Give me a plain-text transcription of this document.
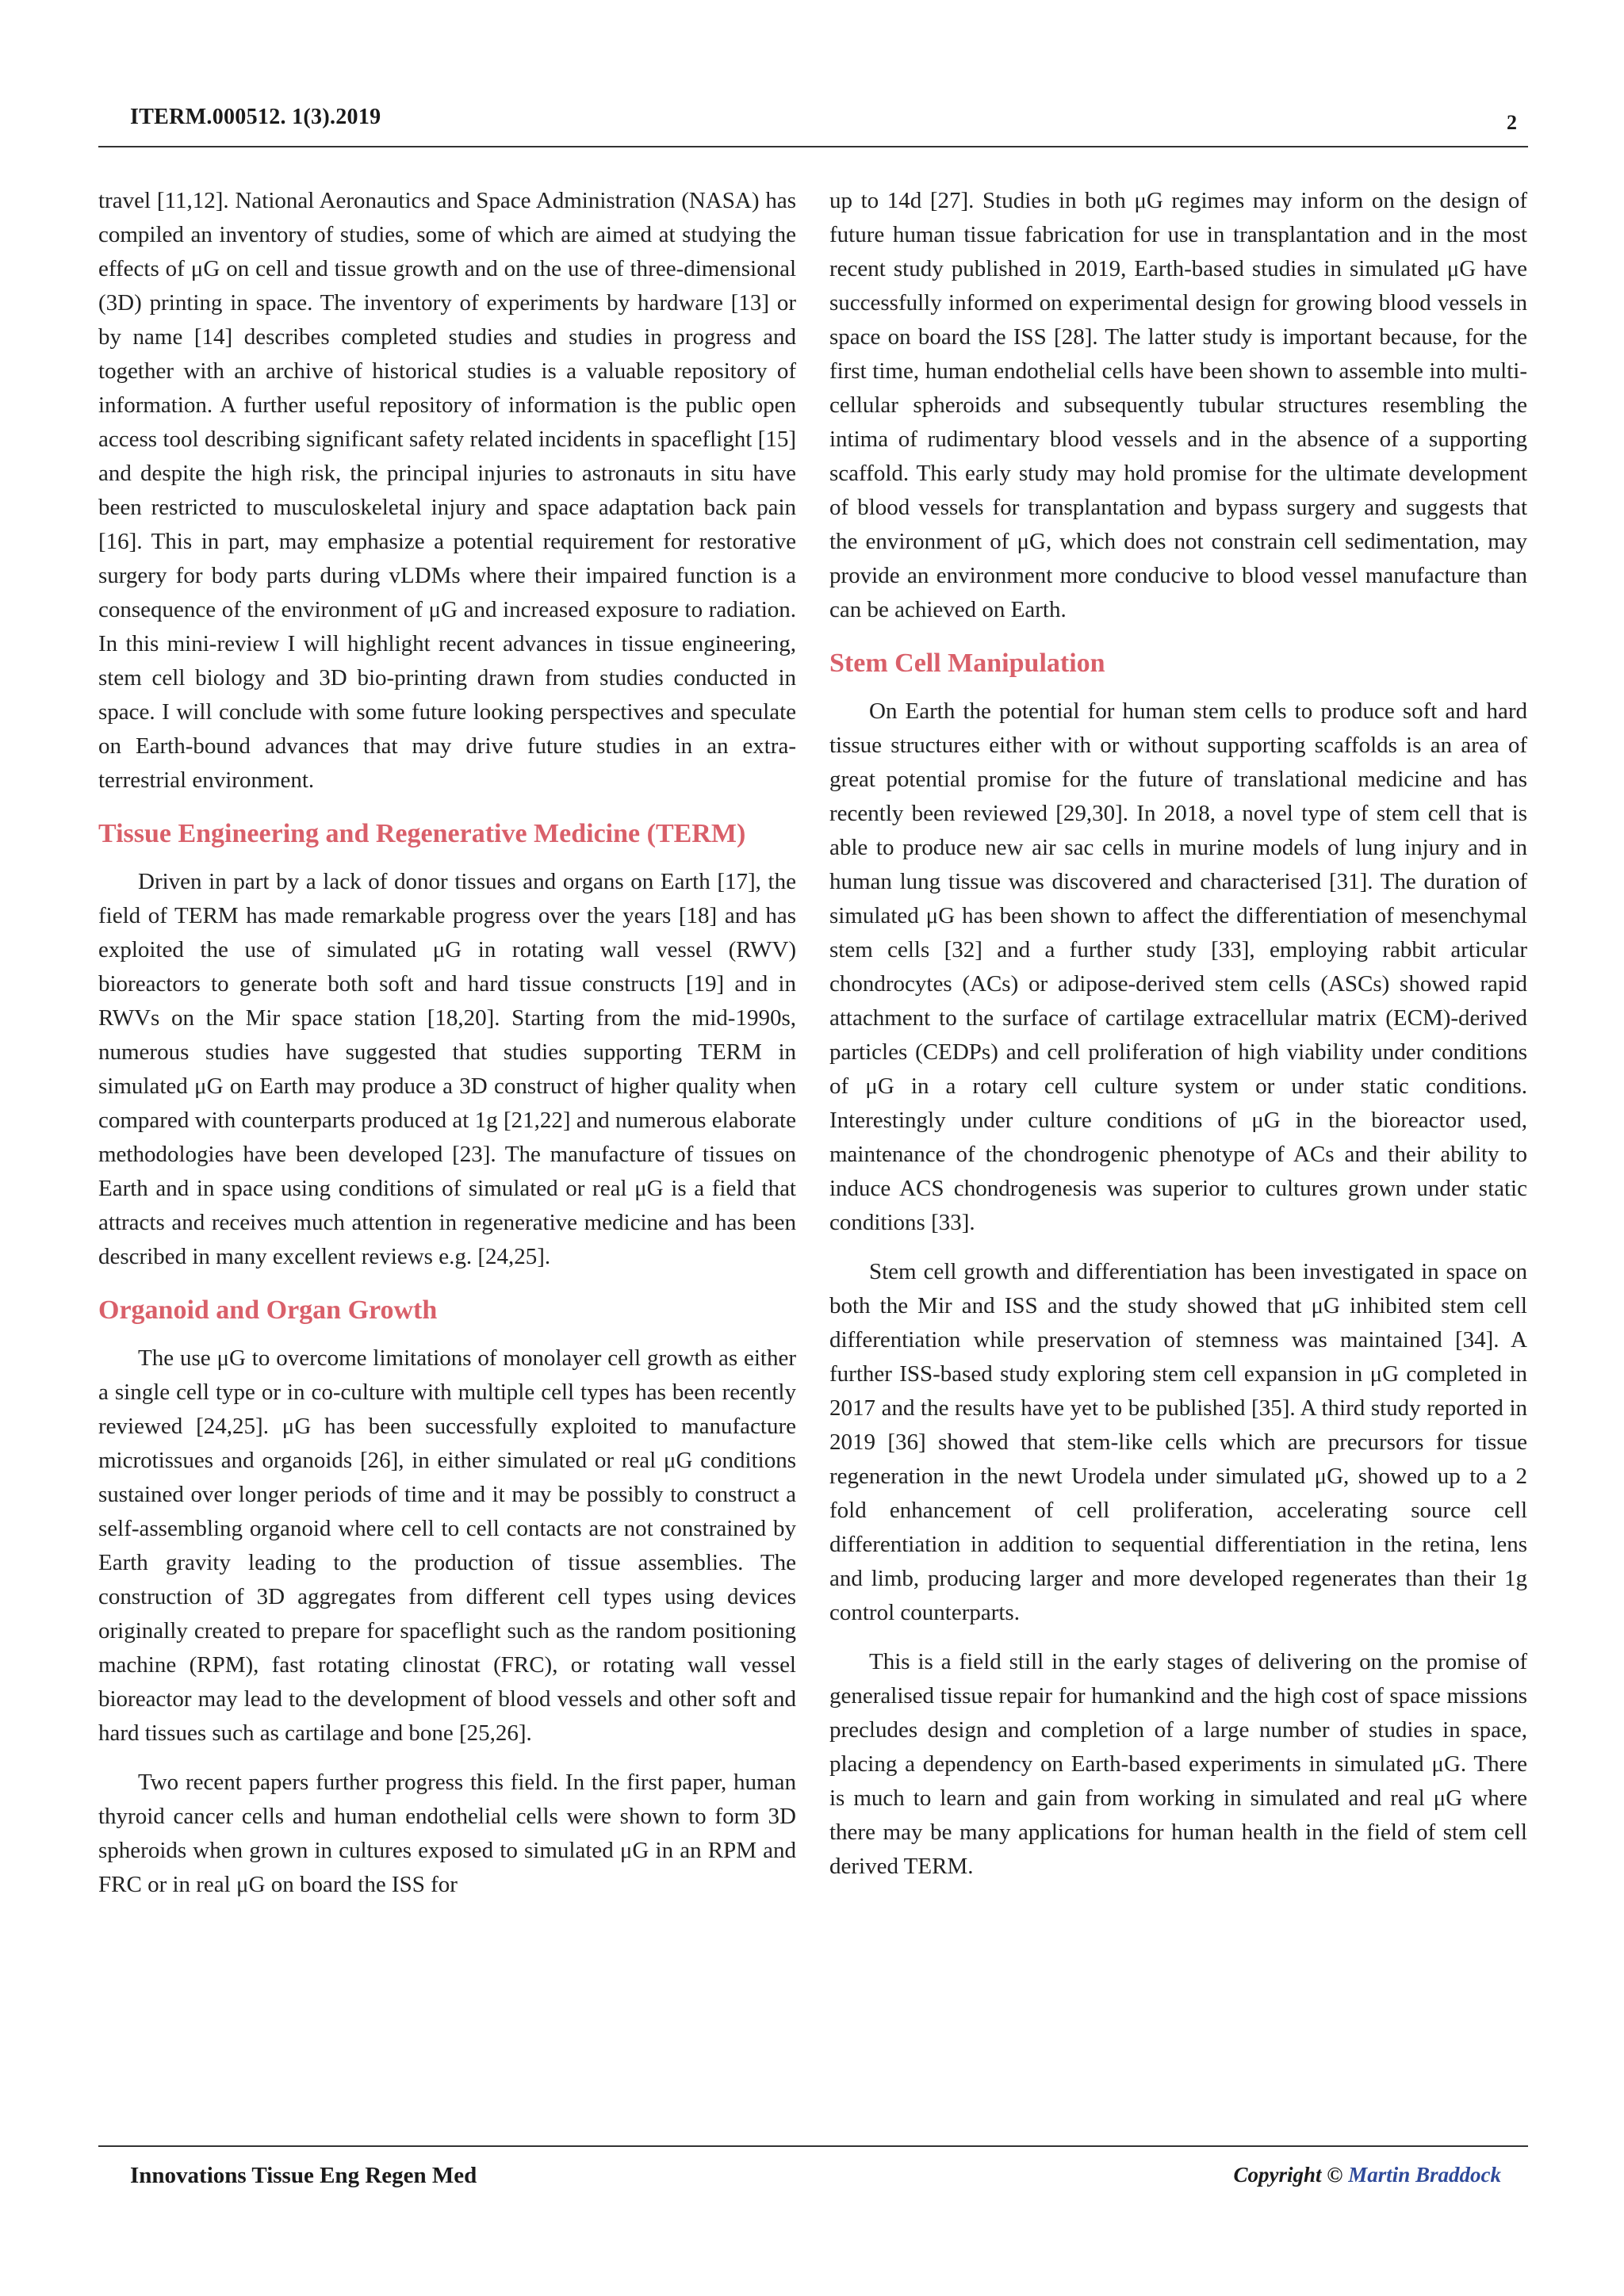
ITERM.000512. 1(3).2019	2

travel [11,12]. National Aeronautics and Space Administration (NASA) has compiled an inventory of studies, some of which are aimed at studying the effects of μG on cell and tissue growth and on the use of three-dimensional (3D) printing in space. The inventory of experiments by hardware [13] or by name [14] describes completed studies and studies in progress and together with an archive of historical studies is a valuable repository of information. A further useful repository of information is the public open access tool describing significant safety related incidents in spaceflight [15] and despite the high risk, the principal injuries to astronauts in situ have been restricted to musculoskeletal injury and space adaptation back pain [16]. This in part, may emphasize a potential requirement for restorative surgery for body parts during vLDMs where their impaired function is a consequence of the environment of μG and increased exposure to radiation. In this mini-review I will highlight recent advances in tissue engineering, stem cell biology and 3D bio-printing drawn from studies conducted in space. I will conclude with some future looking perspectives and speculate on Earth-bound advances that may drive future studies in an extra-terrestrial environment.

Tissue Engineering and Regenerative Medicine (TERM)

Driven in part by a lack of donor tissues and organs on Earth [17], the field of TERM has made remarkable progress over the years [18] and has exploited the use of simulated μG in rotating wall vessel (RWV) bioreactors to generate both soft and hard tissue constructs [19] and in RWVs on the Mir space station [18,20]. Starting from the mid-1990s, numerous studies have suggested that studies supporting TERM in simulated μG on Earth may produce a 3D construct of higher quality when compared with counterparts produced at 1g [21,22] and numerous elaborate methodologies have been developed [23]. The manufacture of tissues on Earth and in space using conditions of simulated or real μG is a field that attracts and receives much attention in regenerative medicine and has been described in many excellent reviews e.g. [24,25].

Organoid and Organ Growth

The use μG to overcome limitations of monolayer cell growth as either a single cell type or in co-culture with multiple cell types has been recently reviewed [24,25]. μG has been successfully exploited to manufacture microtissues and organoids [26], in either simulated or real μG conditions sustained over longer periods of time and it may be possibly to construct a self-assembling organoid where cell to cell contacts are not constrained by Earth gravity leading to the production of tissue assemblies. The construction of 3D aggregates from different cell types using devices originally created to prepare for spaceflight such as the random positioning machine (RPM), fast rotating clinostat (FRC), or rotating wall vessel bioreactor may lead to the development of blood vessels and other soft and hard tissues such as cartilage and bone [25,26].

Two recent papers further progress this field. In the first paper, human thyroid cancer cells and human endothelial cells were shown to form 3D spheroids when grown in cultures exposed to simulated μG in an RPM and FRC or in real μG on board the ISS for

up to 14d [27]. Studies in both μG regimes may inform on the design of future human tissue fabrication for use in transplantation and in the most recent study published in 2019, Earth-based studies in simulated μG have successfully informed on experimental design for growing blood vessels in space on board the ISS [28]. The latter study is important because, for the first time, human endothelial cells have been shown to assemble into multi-cellular spheroids and subsequently tubular structures resembling the intima of rudimentary blood vessels and in the absence of a supporting scaffold. This early study may hold promise for the ultimate development of blood vessels for transplantation and bypass surgery and suggests that the environment of μG, which does not constrain cell sedimentation, may provide an environment more conducive to blood vessel manufacture than can be achieved on Earth.

Stem Cell Manipulation

On Earth the potential for human stem cells to produce soft and hard tissue structures either with or without supporting scaffolds is an area of great potential promise for the future of translational medicine and has recently been reviewed [29,30]. In 2018, a novel type of stem cell that is able to produce new air sac cells in murine models of lung injury and in human lung tissue was discovered and characterised [31]. The duration of simulated μG has been shown to affect the differentiation of mesenchymal stem cells [32] and a further study [33], employing rabbit articular chondrocytes (ACs) or adipose-derived stem cells (ASCs) showed rapid attachment to the surface of cartilage extracellular matrix (ECM)-derived particles (CEDPs) and cell proliferation of high viability under conditions of μG in a rotary cell culture system or under static conditions. Interestingly under culture conditions of μG in the bioreactor used, maintenance of the chondrogenic phenotype of ACs and their ability to induce ACS chondrogenesis was superior to cultures grown under static conditions [33].

Stem cell growth and differentiation has been investigated in space on both the Mir and ISS and the study showed that μG inhibited stem cell differentiation while preservation of stemness was maintained [34]. A further ISS-based study exploring stem cell expansion in μG completed in 2017 and the results have yet to be published [35]. A third study reported in 2019 [36] showed that stem-like cells which are precursors for tissue regeneration in the newt Urodela under simulated μG, showed up to a 2 fold enhancement of cell proliferation, accelerating source cell differentiation in addition to sequential differentiation in the retina, lens and limb, producing larger and more developed regenerates than their 1g control counterparts.

This is a field still in the early stages of delivering on the promise of generalised tissue repair for humankind and the high cost of space missions precludes design and completion of a large number of studies in space, placing a dependency on Earth-based experiments in simulated μG. There is much to learn and gain from working in simulated and real μG where there may be many applications for human health in the field of stem cell derived TERM.

Innovations Tissue Eng Regen Med	Copyright © Martin Braddock
